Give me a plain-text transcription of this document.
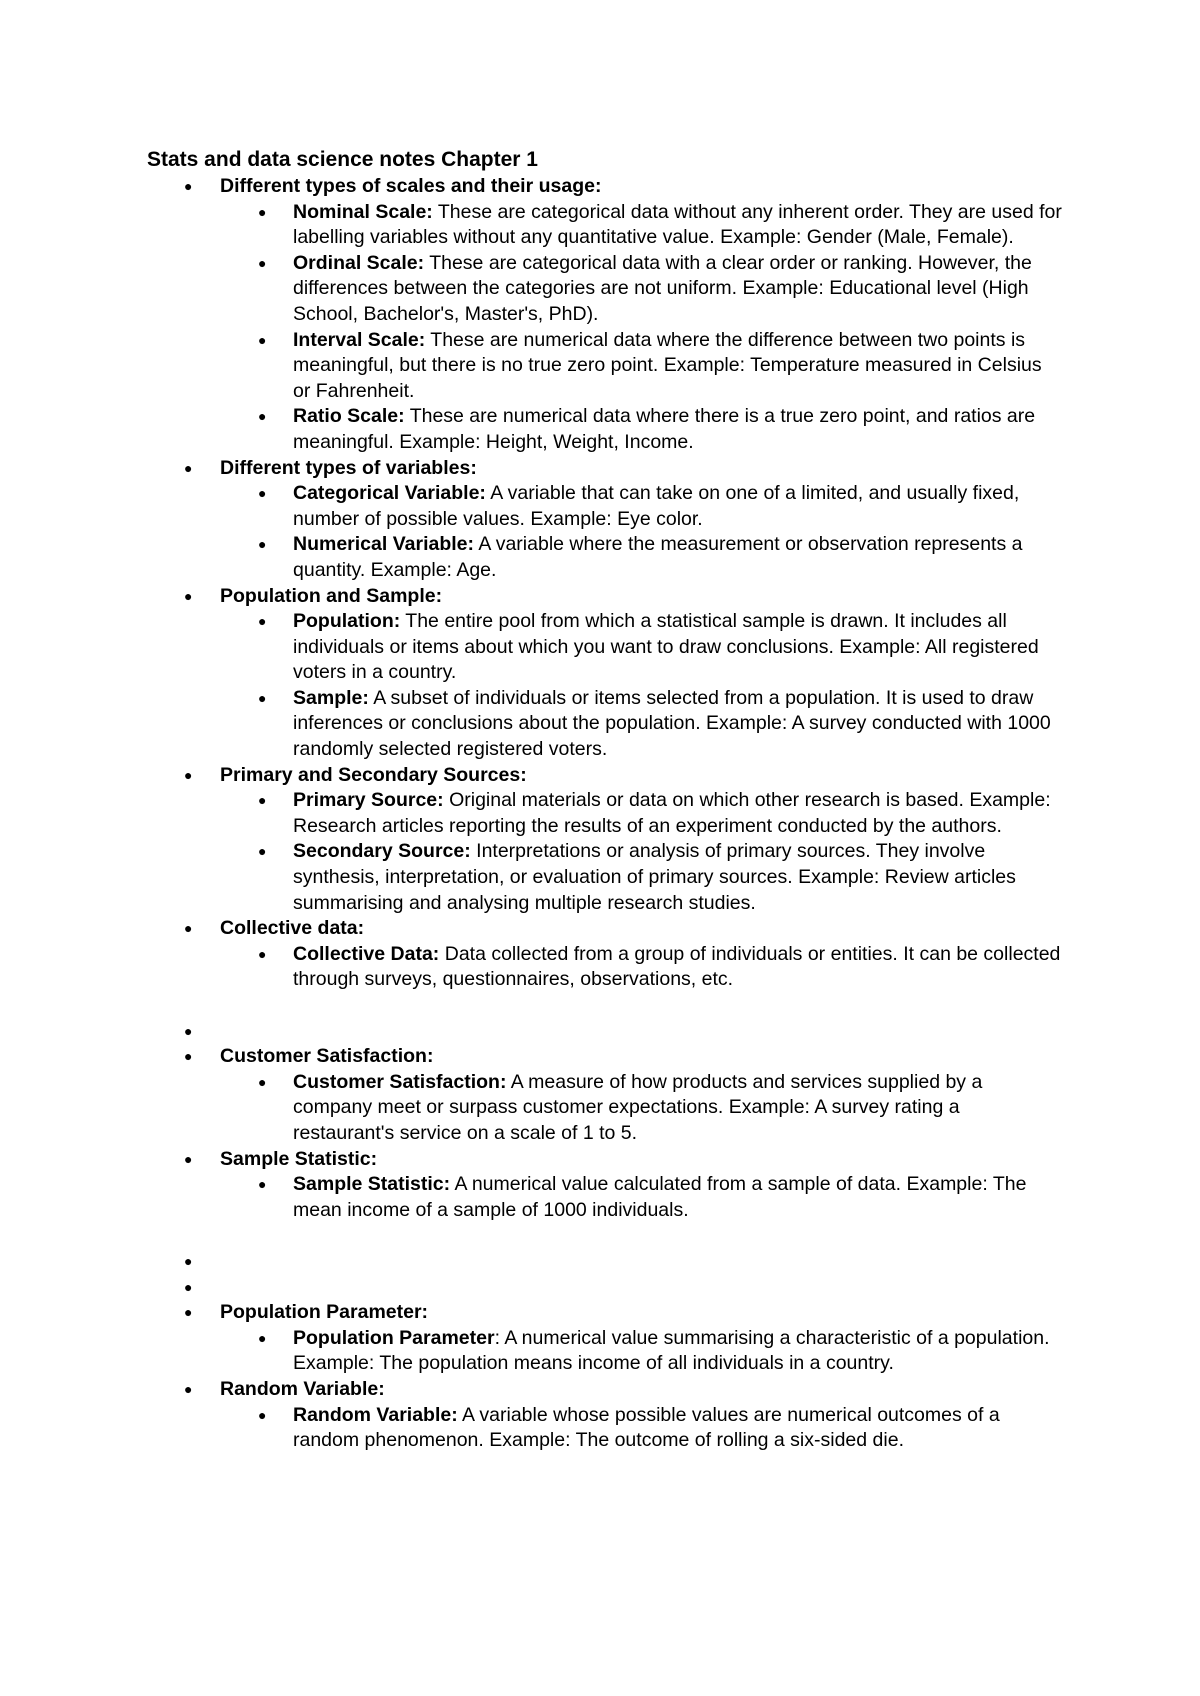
Stats and data science notes Chapter 1
● Different types of scales and their usage:
● Nominal Scale: These are categorical data without any inherent order. They are used for labelling variables without any quantitative value. Example: Gender (Male, Female).
● Ordinal Scale: These are categorical data with a clear order or ranking. However, the differences between the categories are not uniform. Example: Educational level (High School, Bachelor's, Master's, PhD).
● Interval Scale: These are numerical data where the difference between two points is meaningful, but there is no true zero point. Example: Temperature measured in Celsius or Fahrenheit.
● Ratio Scale: These are numerical data where there is a true zero point, and ratios are meaningful. Example: Height, Weight, Income.
● Different types of variables:
● Categorical Variable: A variable that can take on one of a limited, and usually fixed, number of possible values. Example: Eye color.
● Numerical Variable: A variable where the measurement or observation represents a quantity. Example: Age.
● Population and Sample:
● Population: The entire pool from which a statistical sample is drawn. It includes all individuals or items about which you want to draw conclusions. Example: All registered voters in a country.
● Sample: A subset of individuals or items selected from a population. It is used to draw inferences or conclusions about the population. Example: A survey conducted with 1000 randomly selected registered voters.
● Primary and Secondary Sources:
● Primary Source: Original materials or data on which other research is based. Example: Research articles reporting the results of an experiment conducted by the authors.
● Secondary Source: Interpretations or analysis of primary sources. They involve synthesis, interpretation, or evaluation of primary sources. Example: Review articles summarising and analysing multiple research studies.
● Collective data:
● Collective Data: Data collected from a group of individuals or entities. It can be collected through surveys, questionnaires, observations, etc.
●
● Customer Satisfaction:
● Customer Satisfaction: A measure of how products and services supplied by a company meet or surpass customer expectations. Example: A survey rating a restaurant's service on a scale of 1 to 5.
● Sample Statistic:
● Sample Statistic: A numerical value calculated from a sample of data. Example: The mean income of a sample of 1000 individuals.
●
●
● Population Parameter:
● Population Parameter: A numerical value summarising a characteristic of a population. Example: The population means income of all individuals in a country.
● Random Variable:
● Random Variable: A variable whose possible values are numerical outcomes of a random phenomenon. Example: The outcome of rolling a six-sided die.
